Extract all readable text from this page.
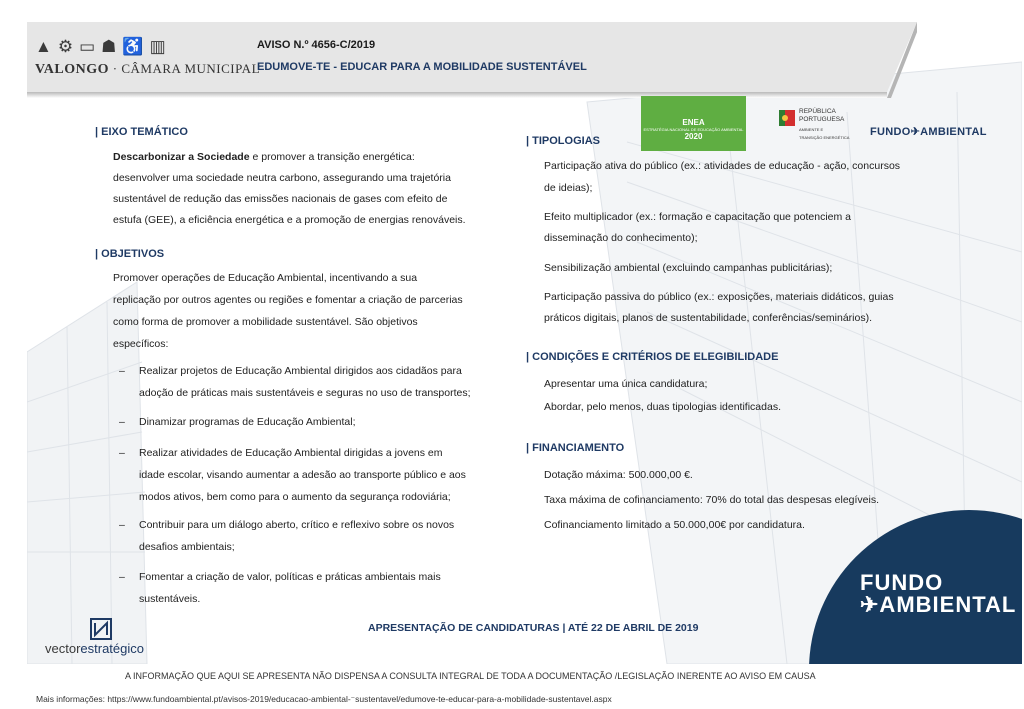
▲ ⚙ ▭ ☗ ♿ ▥
VALONGO · CÂMARA MUNICIPAL
AVISO N.º 4656-C/2019
EDUMOVE-TE - EDUCAR PARA A MOBILIDADE SUSTENTÁVEL
| EIXO TEMÁTICO
Descarbonizar a Sociedade e promover a transição energética:
desenvolver uma sociedade neutra carbono, assegurando uma trajetória
sustentável de redução das emissões nacionais de gases com efeito de
estufa (GEE), a eficiência energética e a promoção de energias renováveis.
| OBJETIVOS
Promover operações de Educação Ambiental, incentivando a sua
replicação por outros agentes ou regiões e fomentar a criação de parcerias
como forma de promover a mobilidade sustentável. São objetivos
específicos:
– Realizar projetos de Educação Ambiental dirigidos aos cidadãos para
adoção de práticas mais sustentáveis e seguras no uso de transportes;
– Dinamizar programas de Educação Ambiental;
– Realizar atividades de Educação Ambiental dirigidas a jovens em
idade escolar, visando aumentar a adesão ao transporte público e aos
modos ativos, bem como para o aumento da segurança rodoviária;
– Contribuir para um diálogo aberto, crítico e reflexivo sobre os novos
desafios ambientais;
– Fomentar a criação de valor, políticas e práticas ambientais mais
sustentáveis.
ENEA
ESTRATÉGIA NACIONAL DE EDUCAÇÃO AMBIENTAL
2020
REPÚBLICA
PORTUGUESA
AMBIENTE E
TRANSIÇÃO ENERGÉTICA FUNDO✈AMBIENTAL
| TIPOLOGIAS
Participação ativa do público (ex.: atividades de educação - ação, concursos
de ideias);
Efeito multiplicador (ex.: formação e capacitação que potenciem a
disseminação do conhecimento);
Sensibilização ambiental (excluindo campanhas publicitárias);
Participação passiva do público (ex.: exposições, materiais didáticos, guias
práticos digitais, planos de sustentabilidade, conferências/seminários).
| CONDIÇÕES E CRITÉRIOS DE ELEGIBILIDADE
Apresentar uma única candidatura;
Abordar, pelo menos, duas tipologias identificadas.
| FINANCIAMENTO
Dotação máxima: 500.000,00 €.
Taxa máxima de cofinanciamento: 70% do total das despesas elegíveis.
Cofinanciamento limitado a 50.000,00€ por candidatura.
FUNDO
✈AMBIENTAL
vectorestratégico
APRESENTAÇÃO DE CANDIDATURAS | ATÉ 22 DE ABRIL DE 2019
A INFORMAÇÃO QUE AQUI SE APRESENTA NÃO DISPENSA A CONSULTA INTEGRAL DE TODA A DOCUMENTAÇÃO /LEGISLAÇÃO INERENTE AO AVISO EM CAUSA
Mais informações: https://www.fundoambiental.pt/avisos-2019/educacao-ambiental-⁻sustentavel/edumove-te-educar-para-a-mobilidade-sustentavel.aspx
